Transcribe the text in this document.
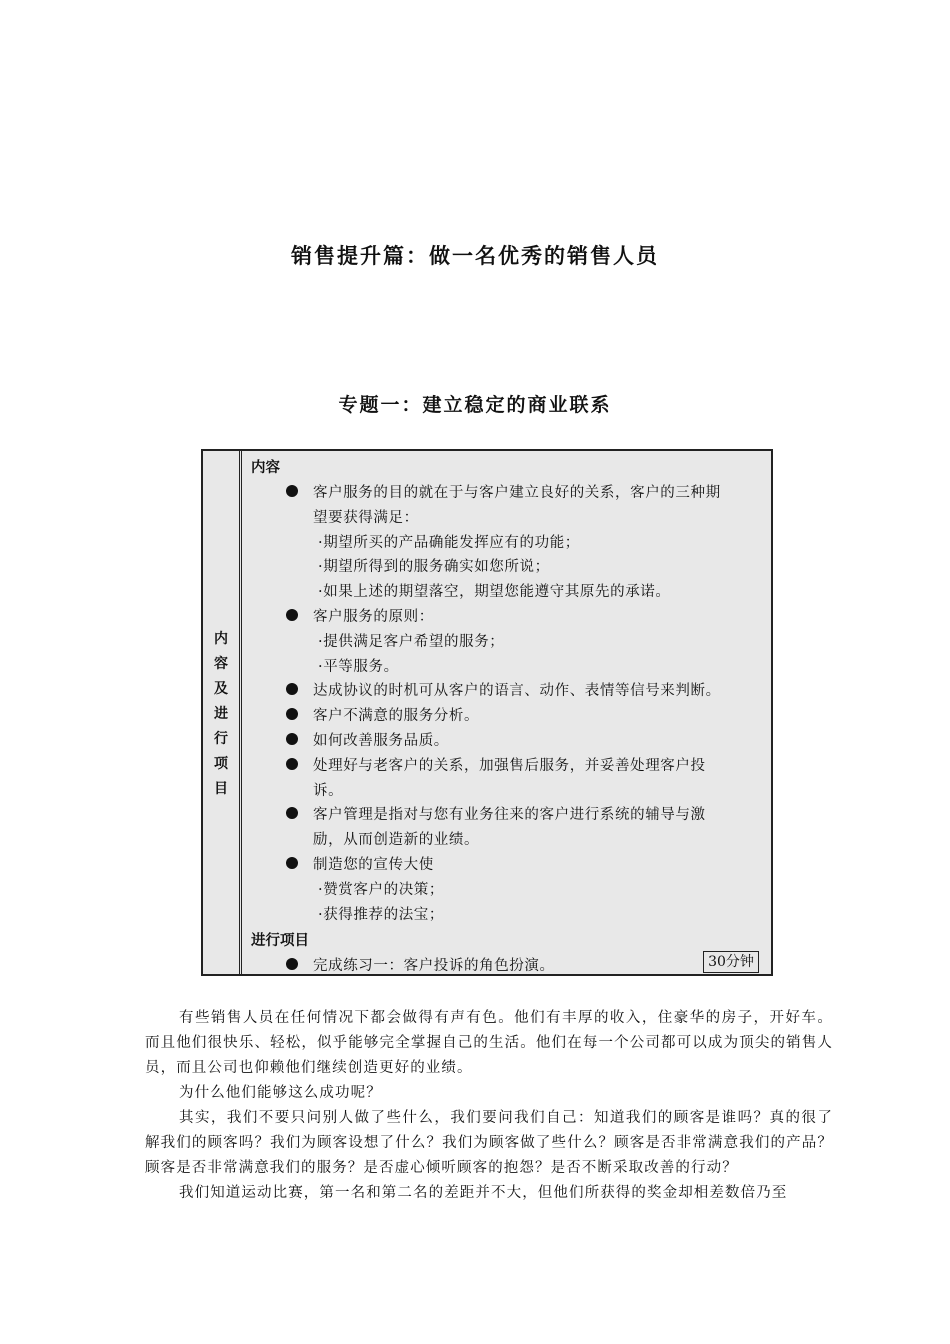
销售提升篇：做一名优秀的销售人员
专题一：建立稳定的商业联系
内
容
及
进
行
项
目
内容
进行项目
完成练习一：客户投诉的角色扮演。	30分钟
客户服务的目的就在于与客户建立良好的关系，客户的三种期
望要获得满足：
·期望所买的产品确能发挥应有的功能；
·期望所得到的服务确实如您所说；
·如果上述的期望落空，期望您能遵守其原先的承诺。
客户服务的原则：
·提供满足客户希望的服务；
·平等服务。
达成协议的时机可从客户的语言、动作、表情等信号来判断。
客户不满意的服务分析。
如何改善服务品质。
处理好与老客户的关系，加强售后服务，并妥善处理客户投
诉。
客户管理是指对与您有业务往来的客户进行系统的辅导与激
励，从而创造新的业绩。
制造您的宣传大使
·赞赏客户的决策；
·获得推荐的法宝；

有些销售人员在任何情况下都会做得有声有色。他们有丰厚的收入，住豪华的房子，开好车。而且他们很快乐、轻松，似乎能够完全掌握自己的生活。他们在每一个公司都可以成为顶尖的销售人员，而且公司也仰赖他们继续创造更好的业绩。

为什么他们能够这么成功呢？

其实，我们不要只问别人做了些什么，我们要问我们自己：知道我们的顾客是谁吗？真的很了解我们的顾客吗？我们为顾客设想了什么？我们为顾客做了些什么？顾客是否非常满意我们的产品？顾客是否非常满意我们的服务？是否虚心倾听顾客的抱怨？是否不断采取改善的行动？

我们知道运动比赛，第一名和第二名的差距并不大，但他们所获得的奖金却相差数倍乃至
